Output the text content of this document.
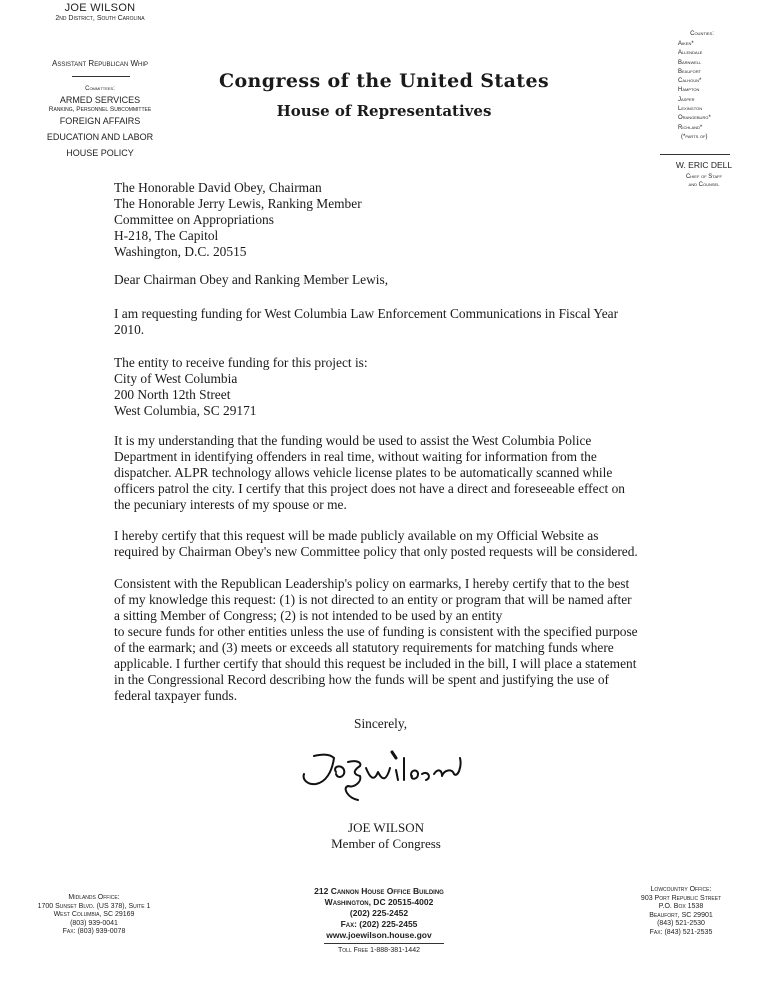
JOE WILSON
2nd District, South Carolina
Assistant Republican Whip
Committees:
ARMED SERVICES
Ranking, Personnel Subcommittee
FOREIGN AFFAIRS
EDUCATION AND LABOR
HOUSE POLICY
Congress of the United States
House of Representatives
Counties:
Aiken*
Allendale
Barnwell
Beaufort
Calhoun*
Hampton
Jasper
Lexington
Orangeburg*
Richland*
(*parts of)
W. ERIC DELL
Chief of Staff
and Counsel
The Honorable David Obey, Chairman
The Honorable Jerry Lewis, Ranking Member
Committee on Appropriations
H-218, The Capitol
Washington, D.C. 20515
Dear Chairman Obey and Ranking Member Lewis,
I am requesting funding for West Columbia Law Enforcement Communications in Fiscal Year
2010.
The entity to receive funding for this project is:
City of West Columbia
200 North 12th Street
West Columbia, SC 29171
It is my understanding that the funding would be used to assist the West Columbia Police
Department in identifying offenders in real time, without waiting for information from the
dispatcher. ALPR technology allows vehicle license plates to be automatically scanned while
officers patrol the city. I certify that this project does not have a direct and foreseeable effect on
the pecuniary interests of my spouse or me.
I hereby certify that this request will be made publicly available on my Official Website as
required by Chairman Obey's new Committee policy that only posted requests will be considered.
Consistent with the Republican Leadership's policy on earmarks, I hereby certify that to the best
of my knowledge this request: (1) is not directed to an entity or program that will be named after
a sitting Member of Congress; (2) is not intended to be used by an entity
to secure funds for other entities unless the use of funding is consistent with the specified purpose
of the earmark; and (3) meets or exceeds all statutory requirements for matching funds where
applicable. I further certify that should this request be included in the bill, I will place a statement
in the Congressional Record describing how the funds will be spent and justifying the use of
federal taxpayer funds.
Sincerely,
JOE WILSON
Member of Congress
Midlands Office:
1700 Sunset Blvd. (US 378), Suite 1
West Columbia, SC 29169
(803) 939-0041
Fax: (803) 939-0078
212 Cannon House Office Building
Washington, DC 20515-4002
(202) 225-2452
Fax: (202) 225-2455
www.joewilson.house.gov
Toll Free 1-888-381-1442
Lowcountry Office:
903 Port Republic Street
P.O. Box 1538
Beaufort, SC 29901
(843) 521-2530
Fax: (843) 521-2535
